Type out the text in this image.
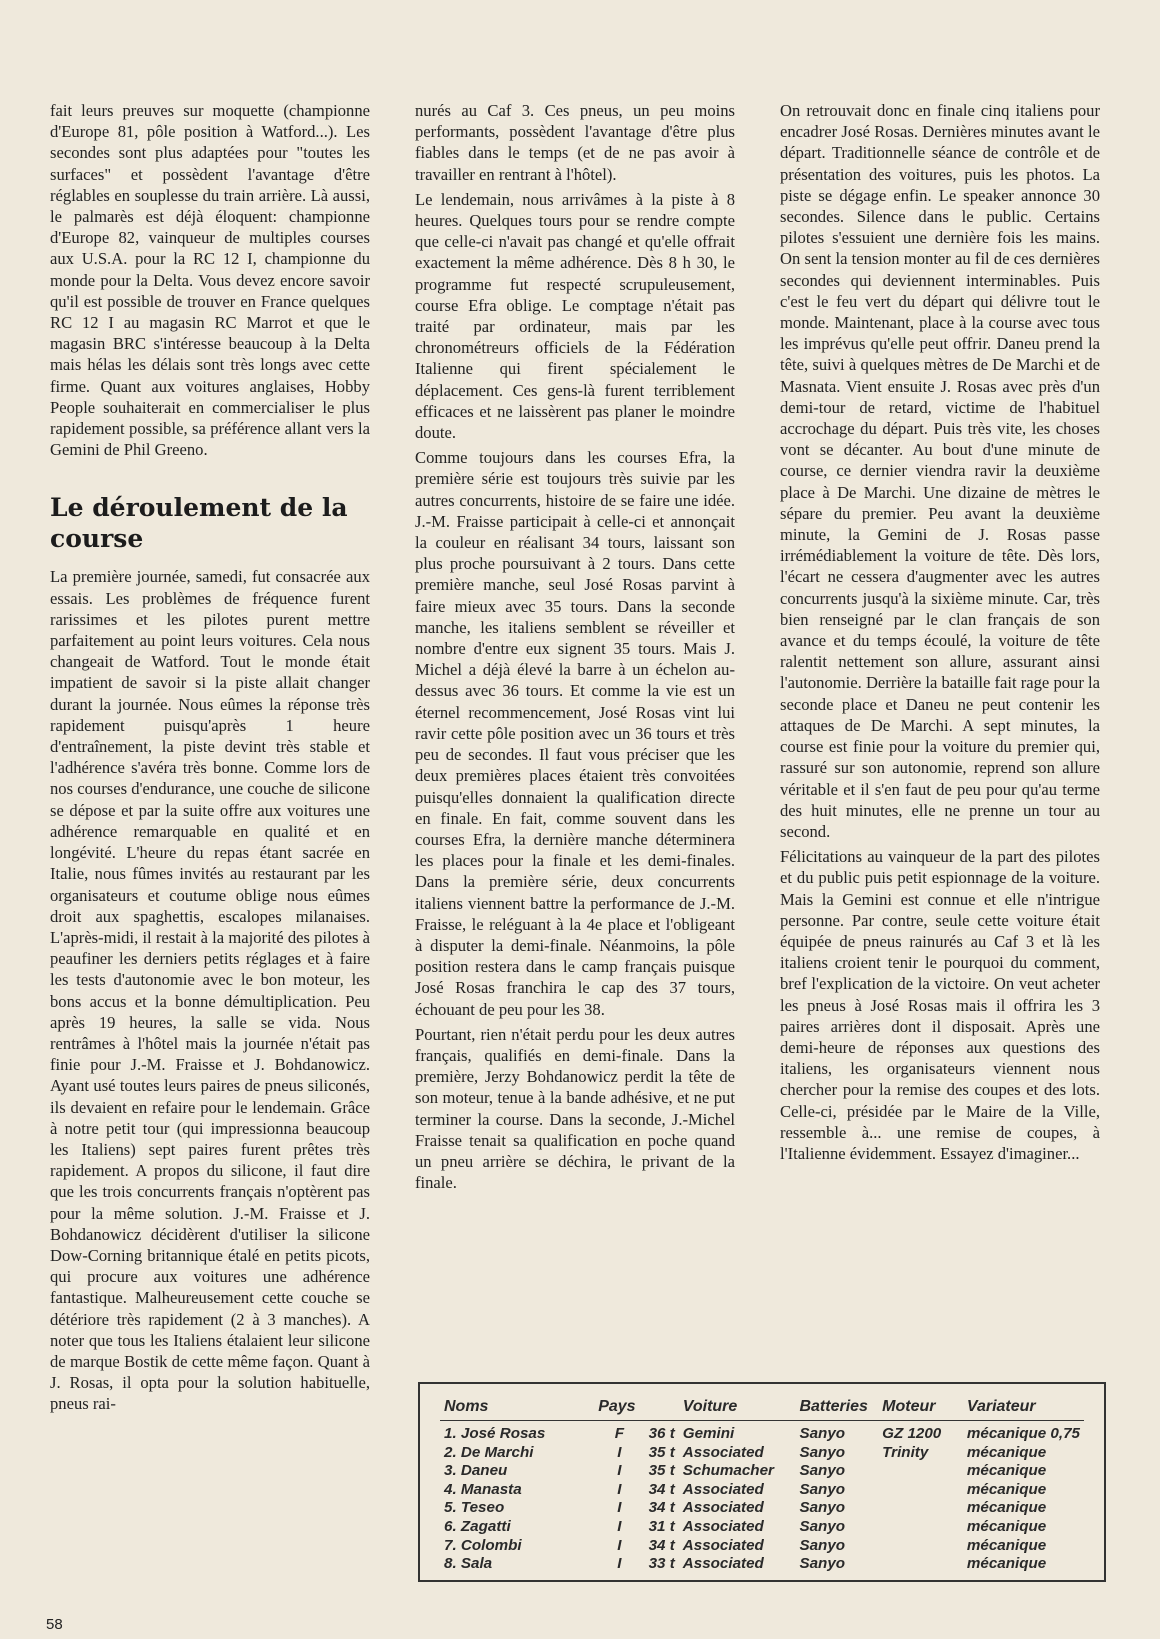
fait leurs preuves sur moquette (championne d'Europe 81, pôle position à Watford...). Les secondes sont plus adaptées pour "toutes les surfaces" et possèdent l'avantage d'être réglables en souplesse du train arrière. Là aussi, le palmarès est déjà éloquent: championne d'Europe 82, vainqueur de multiples courses aux U.S.A. pour la RC 12 I, championne du monde pour la Delta. Vous devez encore savoir qu'il est possible de trouver en France quelques RC 12 I au magasin RC Marrot et que le magasin BRC s'intéresse beaucoup à la Delta mais hélas les délais sont très longs avec cette firme. Quant aux voitures anglaises, Hobby People souhaiterait en commercialiser le plus rapidement possible, sa préférence allant vers la Gemini de Phil Greeno.

Le déroulement de la course

La première journée, samedi, fut consacrée aux essais. Les problèmes de fréquence furent rarissimes et les pilotes purent mettre parfaitement au point leurs voitures. Cela nous changeait de Watford. Tout le monde était impatient de savoir si la piste allait changer durant la journée. Nous eûmes la réponse très rapidement puisqu'après 1 heure d'entraînement, la piste devint très stable et l'adhérence s'avéra très bonne. Comme lors de nos courses d'endurance, une couche de silicone se dépose et par la suite offre aux voitures une adhérence remarquable en qualité et en longévité. L'heure du repas étant sacrée en Italie, nous fûmes invités au restaurant par les organisateurs et coutume oblige nous eûmes droit aux spaghettis, escalopes milanaises. L'après-midi, il restait à la majorité des pilotes à peaufiner les derniers petits réglages et à faire les tests d'autonomie avec le bon moteur, les bons accus et la bonne démultiplication. Peu après 19 heures, la salle se vida. Nous rentrâmes à l'hôtel mais la journée n'était pas finie pour J.-M. Fraisse et J. Bohdanowicz. Ayant usé toutes leurs paires de pneus siliconés, ils devaient en refaire pour le lendemain. Grâce à notre petit tour (qui impressionna beaucoup les Italiens) sept paires furent prêtes très rapidement. A propos du silicone, il faut dire que les trois concurrents français n'optèrent pas pour la même solution. J.-M. Fraisse et J. Bohdanowicz décidèrent d'utiliser la silicone Dow-Corning britannique étalé en petits picots, qui procure aux voitures une adhérence fantastique. Malheureusement cette couche se détériore très rapidement (2 à 3 manches). A noter que tous les Italiens étalaient leur silicone de marque Bostik de cette même façon. Quant à J. Rosas, il opta pour la solution habituelle, pneus rai-

nurés au Caf 3. Ces pneus, un peu moins performants, possèdent l'avantage d'être plus fiables dans le temps (et de ne pas avoir à travailler en rentrant à l'hôtel).

Le lendemain, nous arrivâmes à la piste à 8 heures. Quelques tours pour se rendre compte que celle-ci n'avait pas changé et qu'elle offrait exactement la même adhérence. Dès 8 h 30, le programme fut respecté scrupuleusement, course Efra oblige. Le comptage n'était pas traité par ordinateur, mais par les chronométreurs officiels de la Fédération Italienne qui firent spécialement le déplacement. Ces gens-là furent terriblement efficaces et ne laissèrent pas planer le moindre doute.

Comme toujours dans les courses Efra, la première série est toujours très suivie par les autres concurrents, histoire de se faire une idée. J.-M. Fraisse participait à celle-ci et annonçait la couleur en réalisant 34 tours, laissant son plus proche poursuivant à 2 tours. Dans cette première manche, seul José Rosas parvint à faire mieux avec 35 tours. Dans la seconde manche, les italiens semblent se réveiller et nombre d'entre eux signent 35 tours. Mais J. Michel a déjà élevé la barre à un échelon au-dessus avec 36 tours. Et comme la vie est un éternel recommencement, José Rosas vint lui ravir cette pôle position avec un 36 tours et très peu de secondes. Il faut vous préciser que les deux premières places étaient très convoitées puisqu'elles donnaient la qualification directe en finale. En fait, comme souvent dans les courses Efra, la dernière manche déterminera les places pour la finale et les demi-finales. Dans la première série, deux concurrents italiens viennent battre la performance de J.-M. Fraisse, le reléguant à la 4e place et l'obligeant à disputer la demi-finale. Néanmoins, la pôle position restera dans le camp français puisque José Rosas franchira le cap des 37 tours, échouant de peu pour les 38.

Pourtant, rien n'était perdu pour les deux autres français, qualifiés en demi-finale. Dans la première, Jerzy Bohdanowicz perdit la tête de son moteur, tenue à la bande adhésive, et ne put terminer la course. Dans la seconde, J.-Michel Fraisse tenait sa qualification en poche quand un pneu arrière se déchira, le privant de la finale.

On retrouvait donc en finale cinq italiens pour encadrer José Rosas. Dernières minutes avant le départ. Traditionnelle séance de contrôle et de présentation des voitures, puis les photos. La piste se dégage enfin. Le speaker annonce 30 secondes. Silence dans le public. Certains pilotes s'essuient une dernière fois les mains. On sent la tension monter au fil de ces dernières secondes qui deviennent interminables. Puis c'est le feu vert du départ qui délivre tout le monde. Maintenant, place à la course avec tous les imprévus qu'elle peut offrir. Daneu prend la tête, suivi à quelques mètres de De Marchi et de Masnata. Vient ensuite J. Rosas avec près d'un demi-tour de retard, victime de l'habituel accrochage du départ. Puis très vite, les choses vont se décanter. Au bout d'une minute de course, ce dernier viendra ravir la deuxième place à De Marchi. Une dizaine de mètres le sépare du premier. Peu avant la deuxième minute, la Gemini de J. Rosas passe irrémédiablement la voiture de tête. Dès lors, l'écart ne cessera d'augmenter avec les autres concurrents jusqu'à la sixième minute. Car, très bien renseigné par le clan français de son avance et du temps écoulé, la voiture de tête ralentit nettement son allure, assurant ainsi l'autonomie. Derrière la bataille fait rage pour la seconde place et Daneu ne peut contenir les attaques de De Marchi. A sept minutes, la course est finie pour la voiture du premier qui, rassuré sur son autonomie, reprend son allure véritable et il s'en faut de peu pour qu'au terme des huit minutes, elle ne prenne un tour au second.

Félicitations au vainqueur de la part des pilotes et du public puis petit espionnage de la voiture. Mais la Gemini est connue et elle n'intrigue personne. Par contre, seule cette voiture était équipée de pneus rainurés au Caf 3 et là les italiens croient tenir le pourquoi du comment, bref l'explication de la victoire. On veut acheter les pneus à José Rosas mais il offrira les 3 paires arrières dont il disposait. Après une demi-heure de réponses aux questions des italiens, les organisateurs viennent nous chercher pour la remise des coupes et des lots. Celle-ci, présidée par le Maire de la Ville, ressemble à... une remise de coupes, à l'Italienne évidemment. Essayez d'imaginer...

Noms	Pays		Voiture	Batteries	Moteur	Variateur
1. José Rosas	F	36 t	Gemini	Sanyo	GZ 1200	mécanique 0,75
2. De Marchi	I	35 t	Associated	Sanyo	Trinity	mécanique
3. Daneu	I	35 t	Schumacher	Sanyo		mécanique
4. Manasta	I	34 t	Associated	Sanyo		mécanique
5. Teseo	I	34 t	Associated	Sanyo		mécanique
6. Zagatti	I	31 t	Associated	Sanyo		mécanique
7. Colombi	I	34 t	Associated	Sanyo		mécanique
8. Sala	I	33 t	Associated	Sanyo		mécanique
58
